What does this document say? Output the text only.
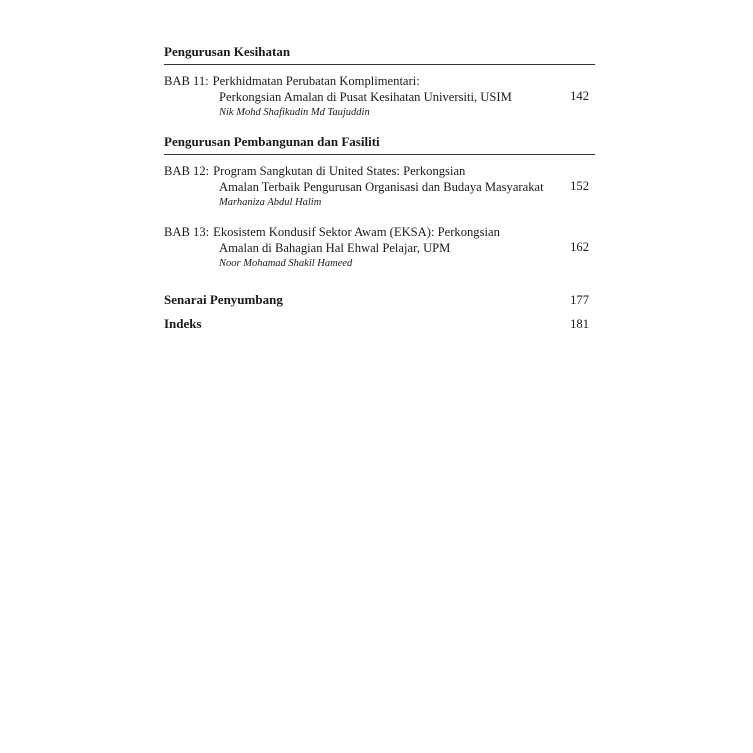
Pengurusan Kesihatan
BAB 11: Perkhidmatan Perubatan Komplimentari:
Perkongsian Amalan di Pusat Kesihatan Universiti, USIM
Nik Mohd Shafikudin Md Taujuddin
142
Pengurusan Pembangunan dan Fasiliti
BAB 12: Program Sangkutan di United States: Perkongsian
Amalan Terbaik Pengurusan Organisasi dan Budaya Masyarakat
Marhaniza Abdul Halim
152
BAB 13: Ekosistem Kondusif Sektor Awam (EKSA): Perkongsian
Amalan di Bahagian Hal Ehwal Pelajar, UPM
Noor Mohamad Shakil Hameed
162
Senarai Penyumbang	177
Indeks	181
